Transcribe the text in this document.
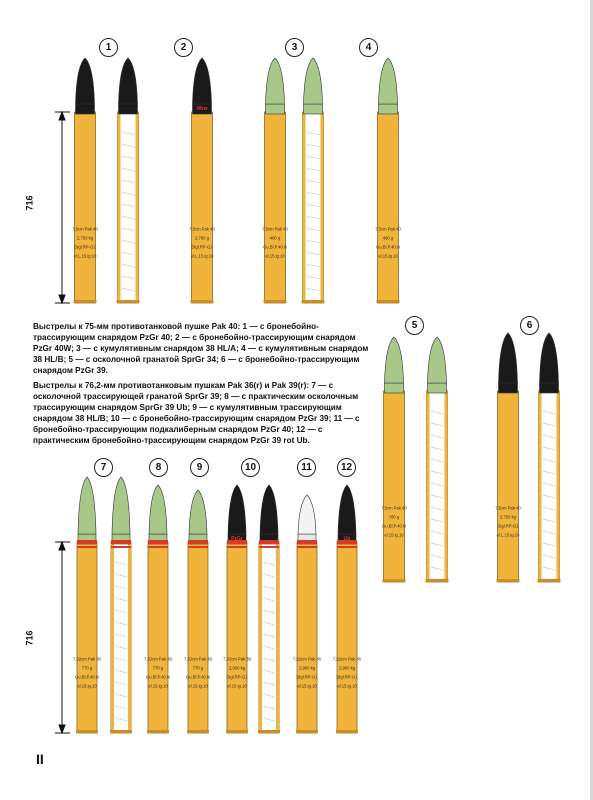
7,5cm Pak 40
2,750 kg
Digl.RP-G1
el.L.15.ig.10
7,5cm Pak 40
2,700 g
Digl.RP-G1
el.L.15.ig.10
Wzw
7,5cm Pak 40
480 g
Gu.Bl.P.40.N
el.15.ig.10
7,5cm Pak 40
480 g
Gu.Bl.P.40.N
el.15.ig.10
7,5cm Pak 40
780 g
Gu.Bl.P.40.N
el.15.ig.10
7,5cm Pak 40
2,750 kg
Digl.RP-G1
el.L.15.ig.10
7,62cm Pak 36
770 g
Gu.Bl.P.40.N
el.15.ig.10
7,62cm Pak 36
770 g
Gu.Bl.P.40.N
el.15.ig.10
7,62cm Pak 36
770 g
Gu.Bl.P.40.N
el.15.ig.10
7,62cm Pak 36
2,900 kg
Digl.RP-G1
el.15.ig.10
PzGr
7,62cm Pak 36
2,900 kg
Digl.RP-G1
el.15.ig.10
7,62cm Pak 36
2,900 kg
Digl.RP-G1
el.15.ig.10
Ub
1	2	3	4
5	6
7	8	9	10	11	12
716
716
Выстрелы к 75-мм противотанковой пушке Pak 40: 1 — с бронебойно-трассирующим снарядом PzGr 40; 2 — с бронебойно-трассирующим снарядом PzGr 40W; 3 — с кумулятивным снарядом 38 HL/A; 4 — с кумулятивным снарядом 38 HL/B; 5 — с осколочной гранатой SprGr 34; 6 — с бронебойно-трассирующим снарядом PzGr 39.
Выстрелы к 76,2-мм противотанковым пушкам Pak 36(r) и Pak 39(r): 7 — с осколочной трассирующей гранатой SprGr 39; 8 — с практическим осколочным трассирующим снарядом SprGr 39 Ub; 9 — с кумулятивным трассирующим снарядом 38 HL/B; 10 — с бронебойно-трассирующим снарядом PzGr 39; 11 — с бронебойно-трассирующим подкалиберным снарядом PzGr 40; 12 — с практическим бронебойно-трассирующим снарядом PzGr 39 rot Ub.
II
